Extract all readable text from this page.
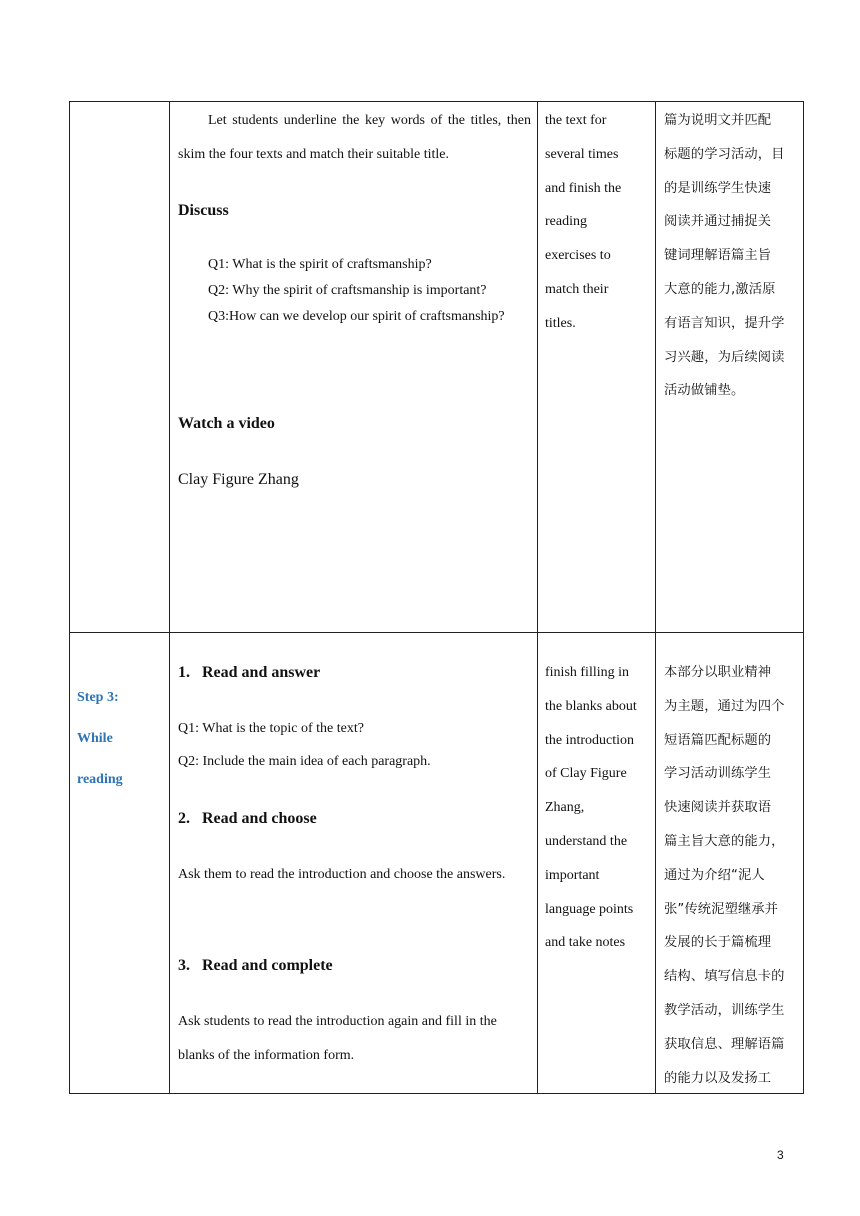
Let students underline the key words of the titles, then skim the four texts and match their suitable title.
Discuss
Q1: What is the spirit of craftsmanship?
Q2: Why the spirit of craftsmanship is important?
Q3:How can we develop our spirit of craftsmanship?
Watch a video
Clay Figure Zhang
the text for
several times
and finish the
reading
exercises to
match their
titles.
篇为说明文并匹配
标题的学习活动，目
的是训练学生快速
阅读并通过捕捉关
键词理解语篇主旨
大意的能力,激活原
有语言知识，提升学
习兴趣，为后续阅读
活动做铺垫。
Step 3:
While
reading
1. Read and answer
Q1: What is the topic of the text?
Q2: Include the main idea of each paragraph.
2. Read and choose
Ask them to read the introduction and choose the answers.
3. Read and complete
Ask students to read the introduction again and fill in the blanks of the information form.
finish filling in
the blanks about
the introduction
of Clay Figure
Zhang,
understand the
important
language points
and take notes
本部分以职业精神
为主题，通过为四个
短语篇匹配标题的
学习活动训练学生
快速阅读并获取语
篇主旨大意的能力，
通过为介绍“泥人
张”传统泥塑继承并
发展的长于篇梳理
结构、填写信息卡的
教学活动，训练学生
获取信息、理解语篇
的能力以及发扬工
3
